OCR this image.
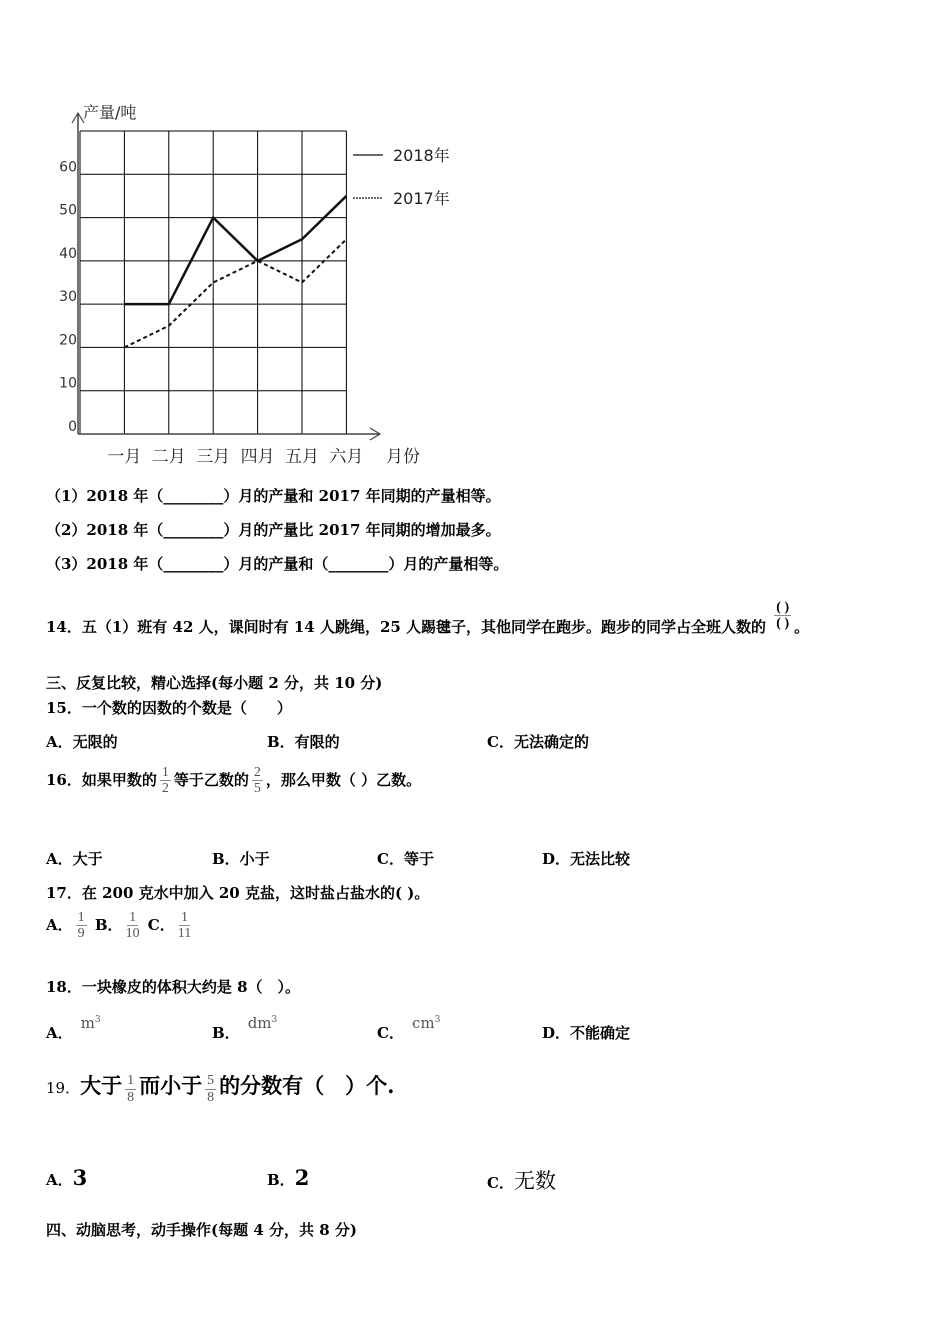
产量/吨
月份
0
10
20
30
40
50
60
一月 二月 三月 四月 五月 六月
2018年
2017年
（1）2018 年（________）月的产量和 2017 年同期的产量相等。
（2）2018 年（________）月的产量比 2017 年同期的增加最多。
（3）2018 年（________）月的产量和（________）月的产量相等。
14．五（1）班有 42 人，课间时有 14 人跳绳，25 人踢毽子，其他同学在跑步。跑步的同学占全班人数的 $\frac{( )}{( )}$ 。
三、反复比较，精心选择(每小题 2 分，共 10 分)
15．一个数的因数的个数是（　　）
A．无限的	B．有限的	C．无法确定的
16．如果甲数的 $\frac{1}{2}$ 等于乙数的 $\frac{2}{5}$ ，那么甲数（ ）乙数。
A．大于	B．小于	C．等于	D．无法比较
17．在 200 克水中加入 20 克盐，这时盐占盐水的( )。
A． $\frac{1}{9}$ B． $\frac{1}{10}$ C． $\frac{1}{11}$
18．一块橡皮的体积大约是 8（　）。
A．$m^3$
B．$dm^3$
C．$cm^3$
D．不能确定
19．大于 $\frac{1}{8}$ 而小于 $\frac{5}{8}$ 的分数有（　）个.
A．3	B．2	C．无数
四、动脑思考，动手操作(每题 4 分，共 8 分)
